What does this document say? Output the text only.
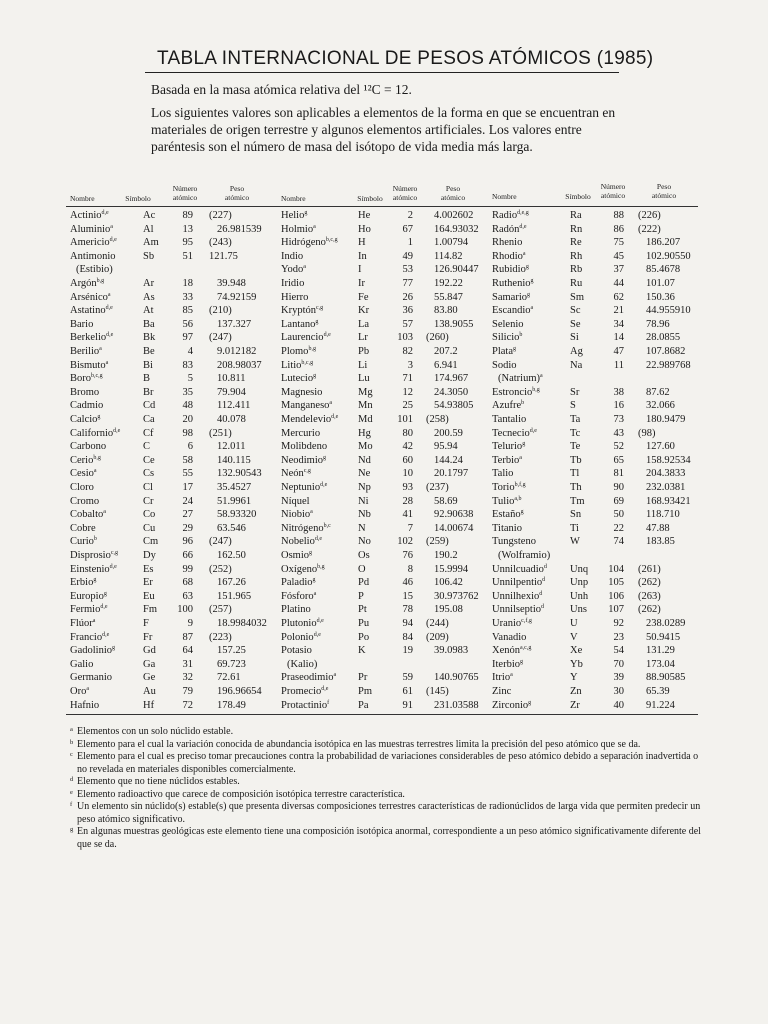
TABLA INTERNACIONAL DE PESOS ATÓMICOS (1985)
Basada en la masa atómica relativa del ¹²C = 12.
Los siguientes valores son aplicables a elementos de la forma en que se encuentran en materiales de origen terrestre y algunos elementos artificiales. Los valores entre paréntesis son el número de masa del isótopo de vida media más larga.
Nombre	Símbolo
Número atómico
Peso atómico	Nombre	Símbolo
Número atómico
Peso atómico	Nombre	Símbolo
Número atómico
Peso atómico
Actinio$^{d,e}$	Ac	89 (227)
Aluminio$^a$	Al	13 26.981539
Americio$^{d,e}$ Am	95 (243)
Antimonio	Sb	51 121.75
(Estibio)
Argón$^{b,g}$	Ar	18 39.948
Arsénico$^a$	As	33 74.92159
Astatino$^{d,e}$	At	85 (210)
Bario	Ba	56 137.327
Berkelio$^{d,e}$	Bk	97 (247)
Berilio$^a$	Be	4 9.012182
Bismuto$^a$	Bi	83 208.98037
Boro$^{b,c,g}$	B	5 10.811
Bromo	Br	35 79.904
Cadmio	Cd	48 112.411
Calcio$^g$	Ca	20 40.078
Californio$^{d,e}$ Cf	98 (251)
Carbono	C	6 12.011
Cerio$^{b,g}$	Ce	58 140.115
Cesio$^a$	Cs	55 132.90543
Cloro	Cl	17 35.4527
Cromo	Cr	24 51.9961
Cobalto$^a$	Co	27 58.93320
Cobre	Cu	29 63.546
Curio$^b$	Cm	96 (247)
Disprosio$^{c,g}$ Dy	66 162.50
Einstenio$^{d,e}$ Es	99 (252)
Erbio$^g$	Er	68 167.26
Europio$^g$	Eu	63 151.965
Fermio$^{d,e}$	Fm	100 (257)
Flúor$^a$	F	9 18.9984032
Francio$^{d,e}$	Fr	87 (223)
Gadolinio$^g$	Gd	64 157.25
Galio	Ga	31 69.723
Germanio	Ge	32 72.61
Oro$^a$	Au	79 196.96654
Hafnio	Hf	72 178.49
Helio$^g$	He	2 4.002602
Holmio$^a$	Ho	67 164.93032
Hidrógeno$^{b,c,g}$ H	1 1.00794
Indio	In	49 114.82
Yodo$^a$	I	53 126.90447
Iridio	Ir	77 192.22
Hierro	Fe	26 55.847
Kryptón$^{c,g}$	Kr	36 83.80
Lantano$^g$	La	57 138.9055
Laurencio$^{d,e}$	Lr	103 (260)
Plomo$^{b,g}$	Pb	82 207.2
Litio$^{b,c,g}$	Li	3 6.941
Lutecio$^g$	Lu	71 174.967
Magnesio	Mg	12 24.3050
Manganeso$^a$ Mn	25 54.93805
Mendelevio$^{d,e}$ Md	101 (258)
Mercurio	Hg	80 200.59
Molibdeno	Mo	42 95.94
Neodimio$^g$	Nd	60 144.24
Neón$^{c,g}$	Ne	10 20.1797
Neptunio$^{d,e}$	Np	93 (237)
Níquel	Ni	28 58.69
Niobio$^a$	Nb	41 92.90638
Nitrógeno$^{b,c}$	N	7 14.00674
Nobelio$^{d,e}$	No	102 (259)
Osmio$^g$	Os	76 190.2
Oxígeno$^{b,g}$	O	8 15.9994
Paladio$^g$	Pd	46 106.42
Fósforo$^a$	P	15 30.973762
Platino	Pt	78 195.08
Plutonio$^{d,e}$	Pu	94 (244)
Polonio$^{d,e}$	Po	84 (209)
Potasio	K	19 39.0983
(Kalio)
Praseodimio$^a$ Pr	59 140.90765
Promecio$^{d,e}$	Pm	61 (145)
Protactinio$^f$	Pa	91 231.03588
Radio$^{d,e,g}$	Ra	88 (226)
Radón$^{d,e}$	Rn	86 (222)
Rhenio	Re	75 186.207
Rhodio$^a$	Rh	45 102.90550
Rubidio$^g$	Rb	37 85.4678
Ruthenio$^g$	Ru	44 101.07
Samario$^g$	Sm	62 150.36
Escandio$^a$	Sc	21 44.955910
Selenio	Se	34 78.96
Silicio$^b$	Si	14 28.0855
Plata$^g$	Ag	47 107.8682
Sodio	Na	11 22.989768
(Natrium)$^a$
Estroncio$^{b,g}$	Sr	38 87.62
Azufre$^b$	S	16 32.066
Tantalio	Ta	73 180.9479
Tecnecio$^{d,e}$	Tc	43 (98)
Telurio$^g$	Te	52 127.60
Terbio$^a$	Tb	65 158.92534
Talio	Tl	81 204.3833
Torio$^{b,f,g}$	Th	90 232.0381
Tulio$^{a,b}$	Tm	69 168.93421
Estaño$^g$	Sn	50 118.710
Titanio	Ti	22 47.88
Tungsteno	W	74 183.85
(Wolframio)
Unnilcuadio$^d$ Unq	104 (261)
Unnilpentio$^d$ Unp	105 (262)
Unnilhexio$^d$	Unh	106 (263)
Unnilseptio$^d$ Uns	107 (262)
Uranio$^{c,f,g}$	U	92 238.0289
Vanadio	V	23 50.9415
Xenón$^{a,c,g}$	Xe	54 131.29
Iterbio$^g$	Yb	70 173.04
Itrio$^a$	Y	39 88.90585
Zinc	Zn	30 65.39
Zirconio$^g$	Zr	40 91.224
a Elementos con un solo núclido estable.
b Elemento para el cual la variación conocida de abundancia isotópica en las muestras terrestres limita la precisión del peso atómico que se da.
c Elemento para el cual es preciso tomar precauciones contra la probabilidad de variaciones considerables de peso atómico debido a separación inadvertida o no revelada en materiales disponibles comercialmente.
d Elemento que no tiene núclidos estables.
e Elemento radioactivo que carece de composición isotópica terrestre característica.
f Un elemento sin núclido(s) estable(s) que presenta diversas composiciones terrestres características de radionúclidos de larga vida que permiten predecir un peso atómico significativo.
g En algunas muestras geológicas este elemento tiene una composición isotópica anormal, correspondiente a un peso atómico significativamente diferente del que se da.
